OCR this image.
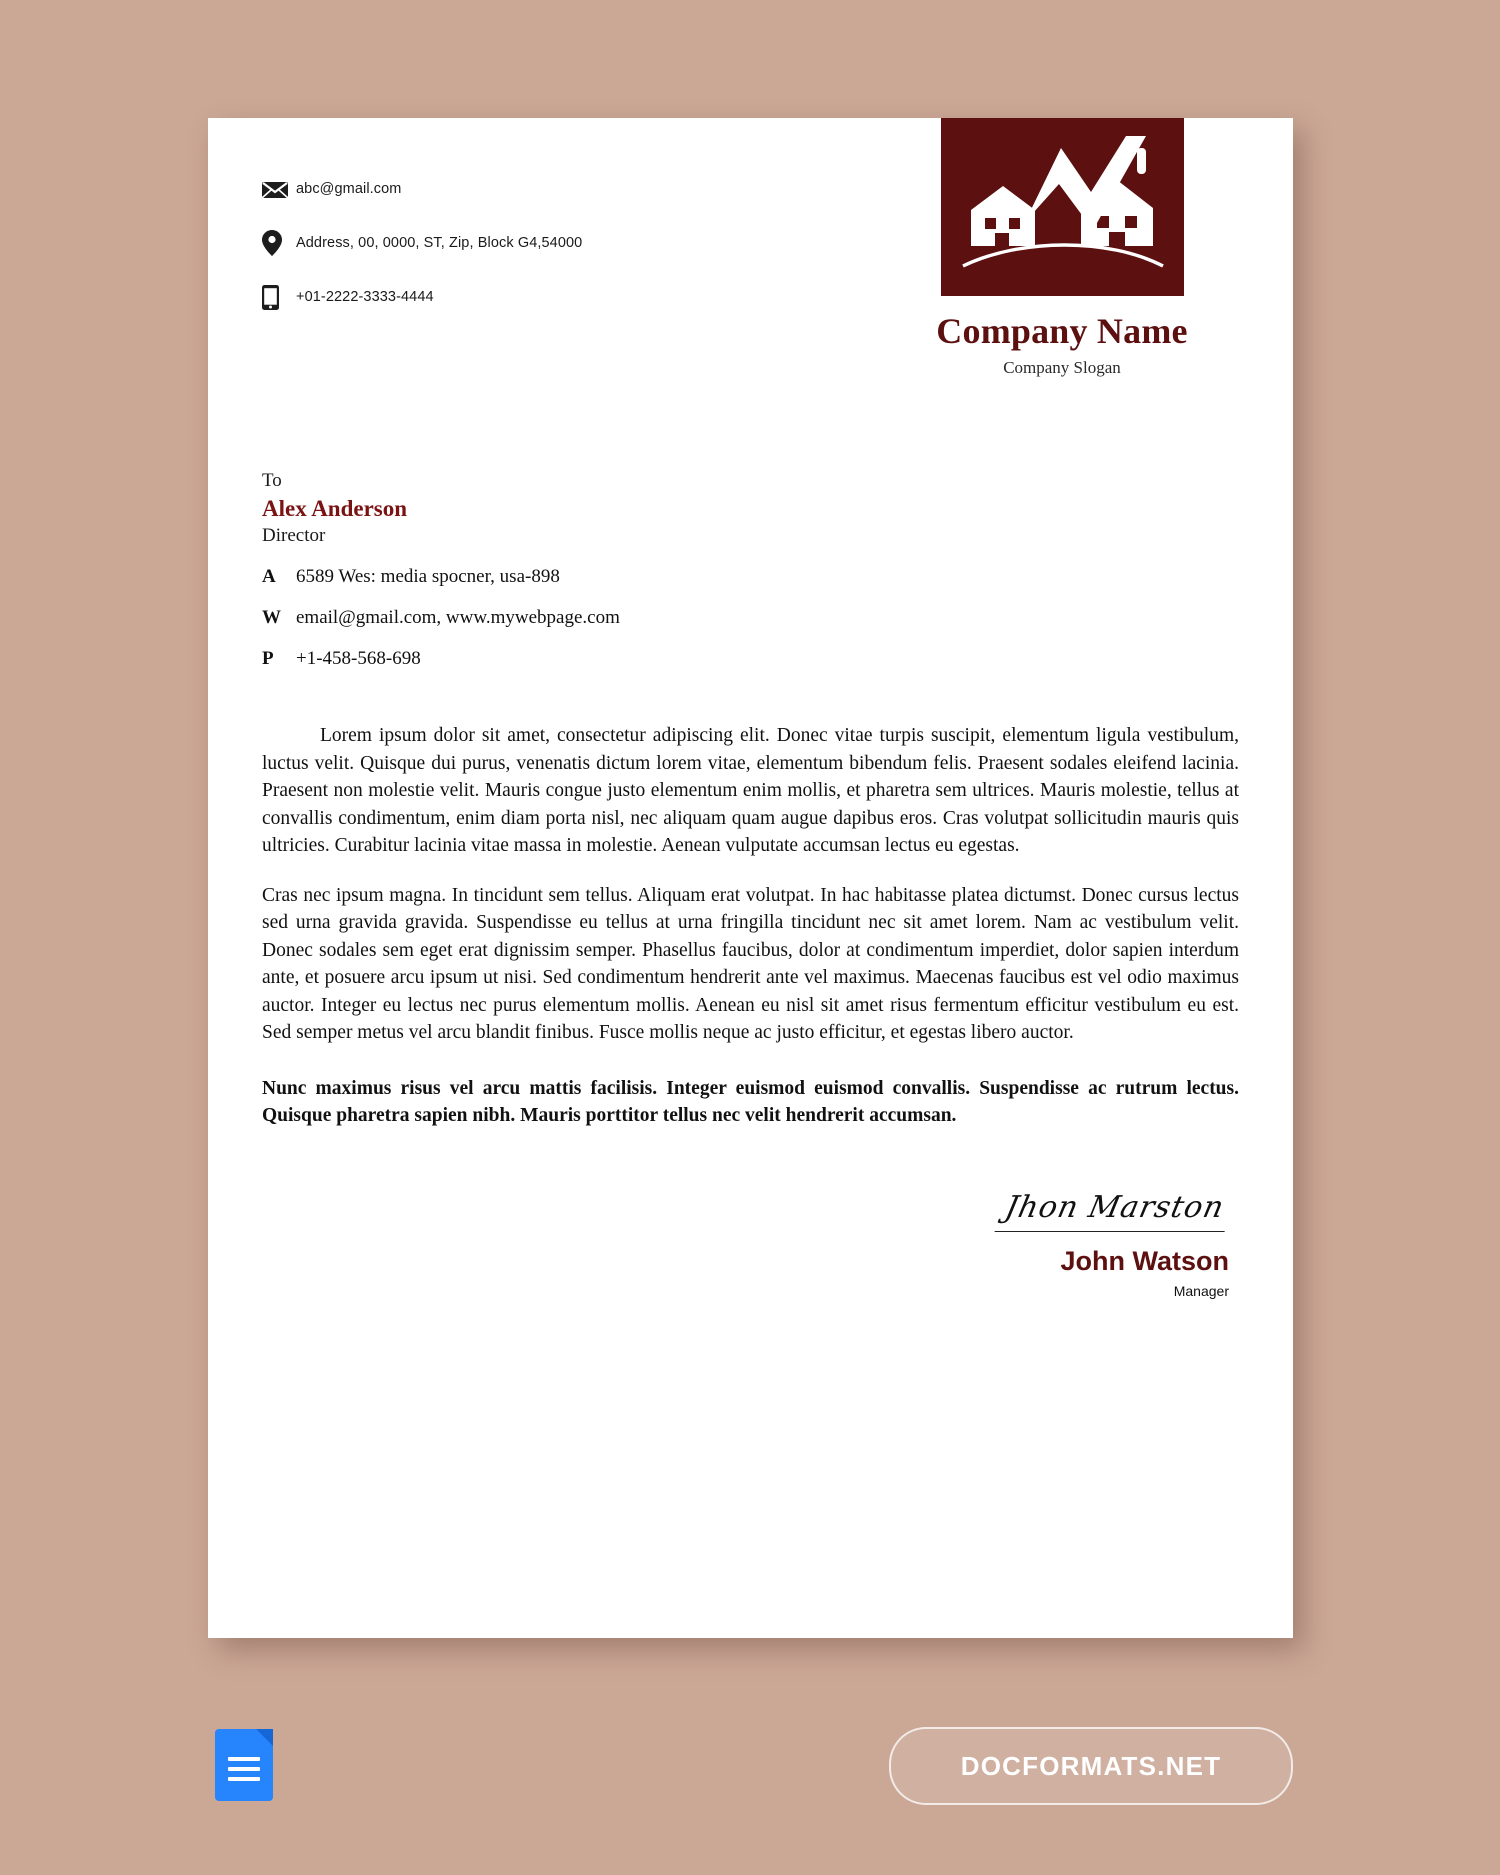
abc@gmail.com
Address, 00, 0000, ST, Zip, Block G4,54000
+01-2222-3333-4444
Company Name
Company Slogan
To
Alex Anderson
Director
A	6589 Wes: media spocner, usa-898
W email@gmail.com, www.mywebpage.com
P	+1-458-568-698

Lorem ipsum dolor sit amet, consectetur adipiscing elit. Donec vitae turpis suscipit, elementum ligula vestibulum, luctus velit. Quisque dui purus, venenatis dictum lorem vitae, elementum bibendum felis. Praesent sodales eleifend lacinia. Praesent non molestie velit. Mauris congue justo elementum enim mollis, et pharetra sem ultrices. Mauris molestie, tellus at convallis condimentum, enim diam porta nisl, nec aliquam quam augue dapibus eros. Cras volutpat sollicitudin mauris quis ultricies. Curabitur lacinia vitae massa in molestie. Aenean vulputate accumsan lectus eu egestas.

Cras nec ipsum magna. In tincidunt sem tellus. Aliquam erat volutpat. In hac habitasse platea dictumst. Donec cursus lectus sed urna gravida gravida. Suspendisse eu tellus at urna fringilla tincidunt nec sit amet lorem. Nam ac vestibulum velit. Donec sodales sem eget erat dignissim semper. Phasellus faucibus, dolor at condimentum imperdiet, dolor sapien interdum ante, et posuere arcu ipsum ut nisi. Sed condimentum hendrerit ante vel maximus. Maecenas faucibus est vel odio maximus auctor. Integer eu lectus nec purus elementum mollis. Aenean eu nisl sit amet risus fermentum efficitur vestibulum eu est. Sed semper metus vel arcu blandit finibus. Fusce mollis neque ac justo efficitur, et egestas libero auctor.

Nunc maximus risus vel arcu mattis facilisis. Integer euismod euismod convallis. Suspendisse ac rutrum lectus. Quisque pharetra sapien nibh. Mauris porttitor tellus nec velit hendrerit accumsan.

Jhon Marston
John Watson
Manager
DOCFORMATS.NET
